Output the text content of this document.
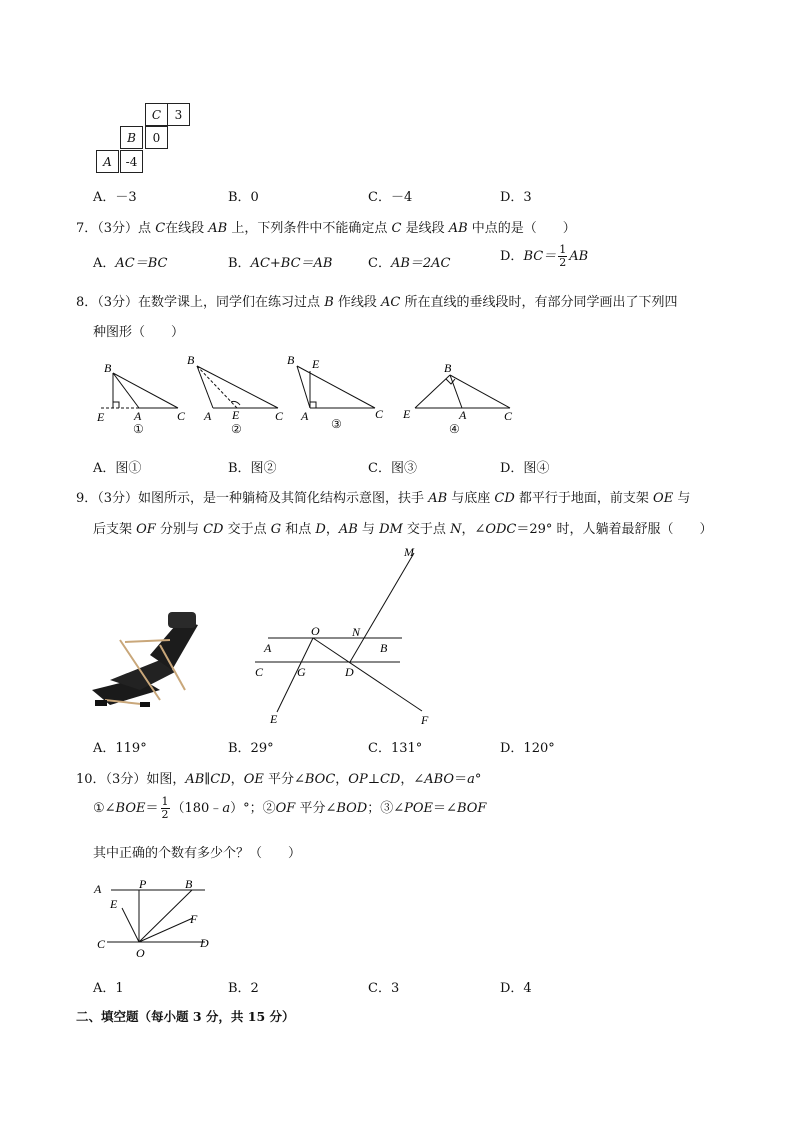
C	3
B	0
A	-4
A．－3	B．0	C．－4	D．3
7．（3分）点 C在线段 AB 上，下列条件中不能确定点 C 是线段 AB 中点的是（　　）
A．AC＝BC	B．AC+BC＝AB	C．AB＝2AC	D．$BC= \frac{1}{2}$ AB
8．（3分）在数学课上，同学们在练习过点 B 作线段 AC 所在直线的垂线段时，有部分同学画出了下列四
种图形（　　）
B
E A	C
B
A E	C
B E
A	C
B
E	A	C
M
O	N
A	B
C	G	D
E	F
A	P	B
E
F
C	D
O
①	②	③	④
A．图①	B．图②	C．图③	D．图④
9．（3分）如图所示，是一种躺椅及其简化结构示意图，扶手 AB 与底座 CD 都平行于地面，前支架 OE 与
后支架 OF 分别与 CD 交于点 G 和点 D，AB 与 DM 交于点 N，∠ODC＝29° 时，人躺着最舒服（　　）
A．119°	B．29°	C．131°	D．120°
10．（3分）如图，AB∥CD，OE 平分∠BOC，OP⊥CD，∠ABO＝a°
①∠BOE＝ $\frac{1}{2}$ （180﹣a）°；②OF 平分∠BOD；③∠POE＝∠BOF
其中正确的个数有多少个？（　　）
A．1	B．2	C．3	D．4
二、填空题（每小题 3 分，共 15 分）
